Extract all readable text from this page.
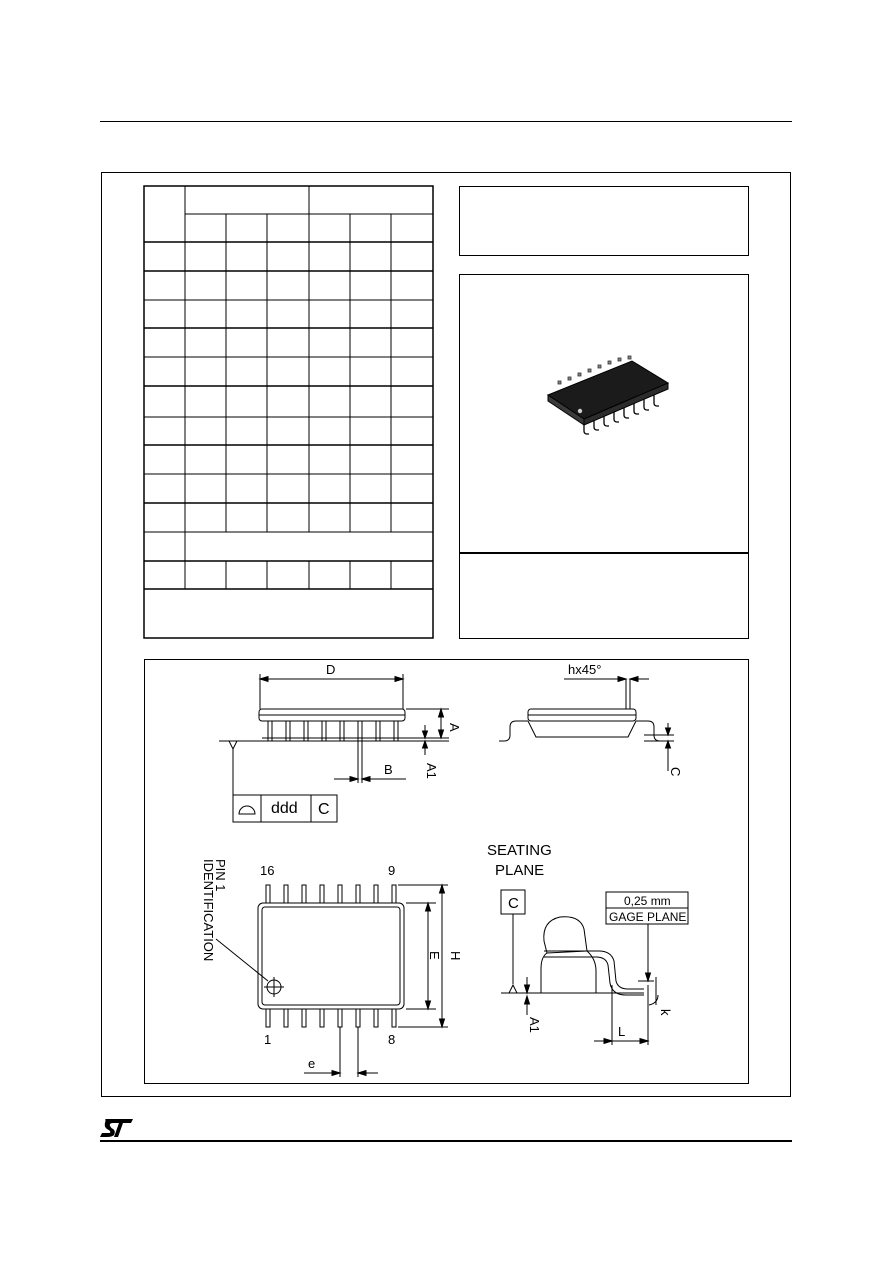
D
A
A1
B
hx45°
C
ddd C
16	9
1	8
PIN 1
IDENTIFICATION	E H
e
SEATING
PLANE
C	0,25 mm
GAGE PLANE
L
k
A1
